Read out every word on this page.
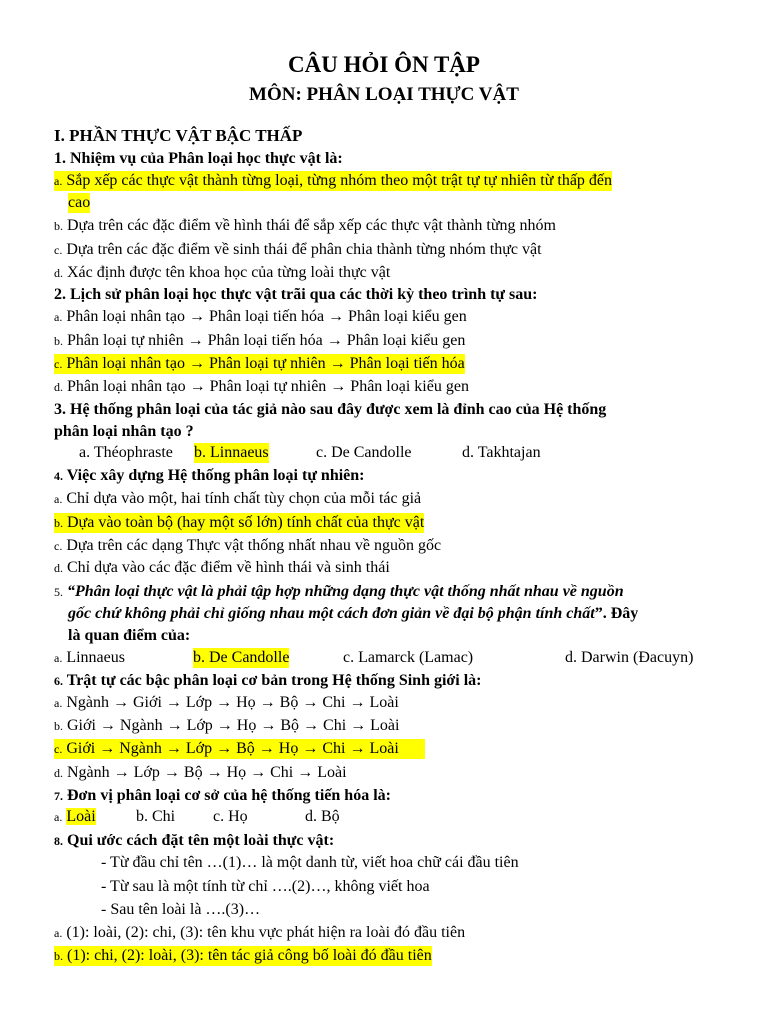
CÂU HỎI ÔN TẬP
MÔN: PHÂN LOẠI THỰC VẬT
I. PHẦN THỰC VẬT BẬC THẤP
1. Nhiệm vụ của Phân loại học thực vật là:
a. Sắp xếp các thực vật thành từng loại, từng nhóm theo một trật tự tự nhiên từ thấp đến
cao
b. Dựa trên các đặc điểm về hình thái để sắp xếp các thực vật thành từng nhóm
c. Dựa trên các đặc điểm về sinh thái để phân chia thành từng nhóm thực vật
d. Xác định được tên khoa học của từng loài thực vật
2. Lịch sử phân loại học thực vật trãi qua các thời kỳ theo trình tự sau:
a. Phân loại nhân tạo → Phân loại tiến hóa → Phân loại kiểu gen
b. Phân loại tự nhiên → Phân loại tiến hóa → Phân loại kiểu gen
c. Phân loại nhân tạo → Phân loại tự nhiên → Phân loại tiến hóa
d. Phân loại nhân tạo → Phân loại tự nhiên → Phân loại kiểu gen
3. Hệ thống phân loại của tác giả nào sau đây được xem là đỉnh cao của Hệ thống
phân loại nhân tạo ?
a. Théophraste b. Linnaeus	c. De Candolle	d. Takhtajan
4. Việc xây dựng Hệ thống phân loại tự nhiên:
a. Chỉ dựa vào một, hai tính chất tùy chọn của mỗi tác giả
b. Dựa vào toàn bộ (hay một số lớn) tính chất của thực vật
c. Dựa trên các dạng Thực vật thống nhất nhau về nguồn gốc
d. Chỉ dựa vào các đặc điểm về hình thái và sinh thái
5. “Phân loại thực vật là phải tập hợp những dạng thực vật thống nhất nhau về nguồn
gốc chứ không phải chỉ giống nhau một cách đơn giản về đại bộ phận tính chất”. Đây
là quan điểm của:
a. Linnaeus	b. De Candolle	c. Lamarck (Lamac)	d. Darwin (Đacuyn)
6. Trật tự các bậc phân loại cơ bản trong Hệ thống Sinh giới là:
a. Ngành → Giới → Lớp → Họ → Bộ → Chi → Loài
b. Giới → Ngành → Lớp → Họ → Bộ → Chi → Loài
c. Giới → Ngành → Lớp → Bộ → Họ → Chi → Loài
d. Ngành → Lớp → Bộ → Họ → Chi → Loài
7. Đơn vị phân loại cơ sở của hệ thống tiến hóa là:
a. Loài	b. Chi c. Họ	d. Bộ
8. Qui ước cách đặt tên một loài thực vật:
- Từ đầu chỉ tên …(1)… là một danh từ, viết hoa chữ cái đầu tiên
- Từ sau là một tính từ chỉ ….(2)…, không viết hoa
- Sau tên loài là ….(3)…
a. (1): loài, (2): chi, (3): tên khu vực phát hiện ra loài đó đầu tiên
b. (1): chi, (2): loài, (3): tên tác giả công bố loài đó đầu tiên
